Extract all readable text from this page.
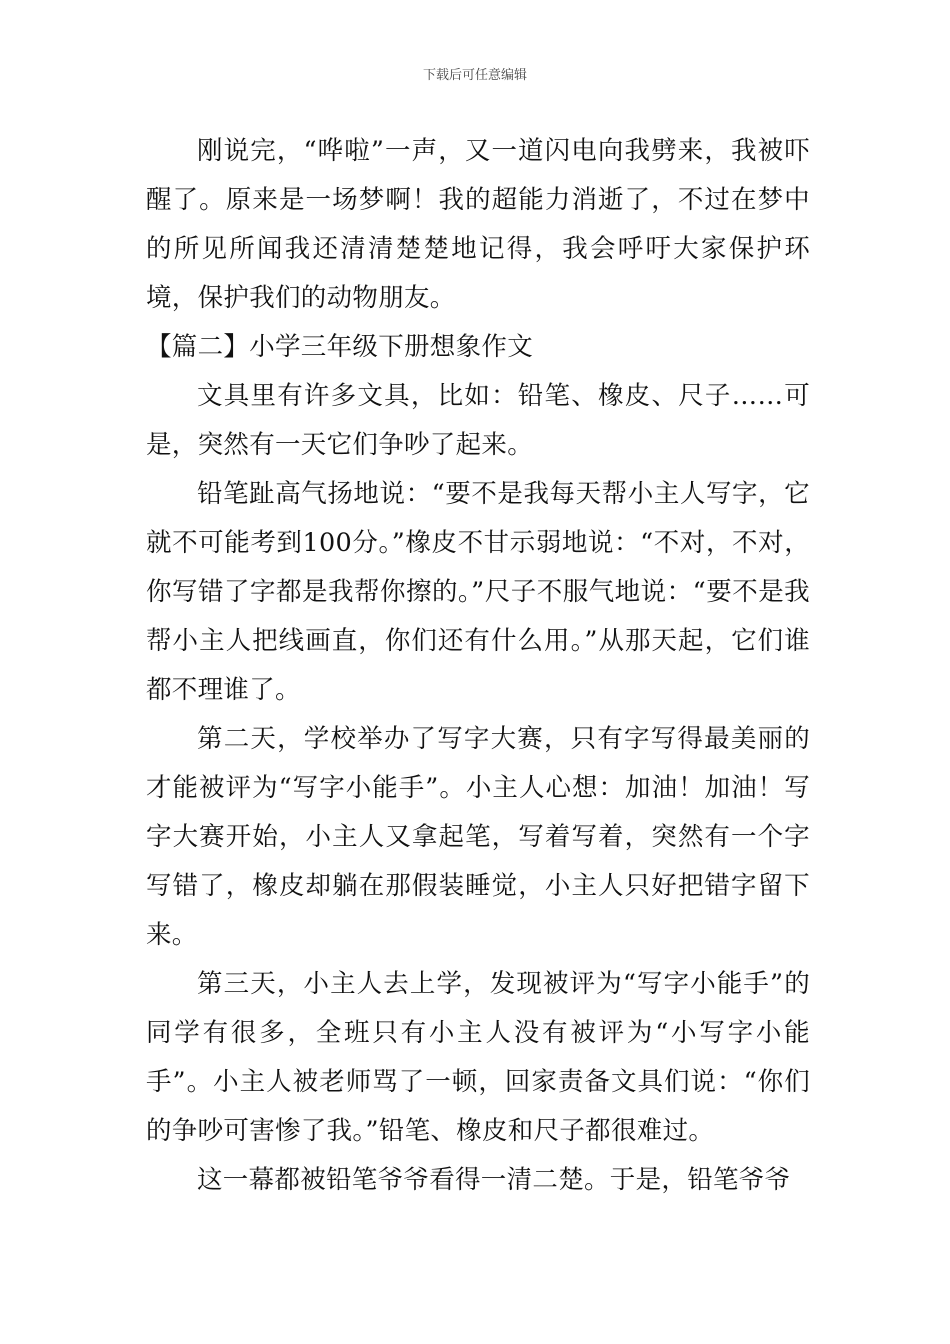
下载后可任意编辑

刚说完，“哗啦”一声，又一道闪电向我劈来，我被吓醒了。原来是一场梦啊！我的超能力消逝了，不过在梦中的所见所闻我还清清楚楚地记得，我会呼吁大家保护环境，保护我们的动物朋友。

【篇二】小学三年级下册想象作文

文具里有许多文具，比如：铅笔、橡皮、尺子……可是，突然有一天它们争吵了起来。

铅笔趾高气扬地说：“要不是我每天帮小主人写字，它就不可能考到100分。”橡皮不甘示弱地说：“不对，不对，你写错了字都是我帮你擦的。”尺子不服气地说：“要不是我帮小主人把线画直，你们还有什么用。”从那天起，它们谁都不理谁了。

第二天，学校举办了写字大赛，只有字写得最美丽的才能被评为“写字小能手”。小主人心想：加油！加油！写字大赛开始，小主人又拿起笔，写着写着，突然有一个字写错了，橡皮却躺在那假装睡觉，小主人只好把错字留下来。

第三天，小主人去上学，发现被评为“写字小能手”的同学有很多，全班只有小主人没有被评为“小写字小能手”。小主人被老师骂了一顿，回家责备文具们说：“你们的争吵可害惨了我。”铅笔、橡皮和尺子都很难过。

这一幕都被铅笔爷爷看得一清二楚。于是，铅笔爷爷
